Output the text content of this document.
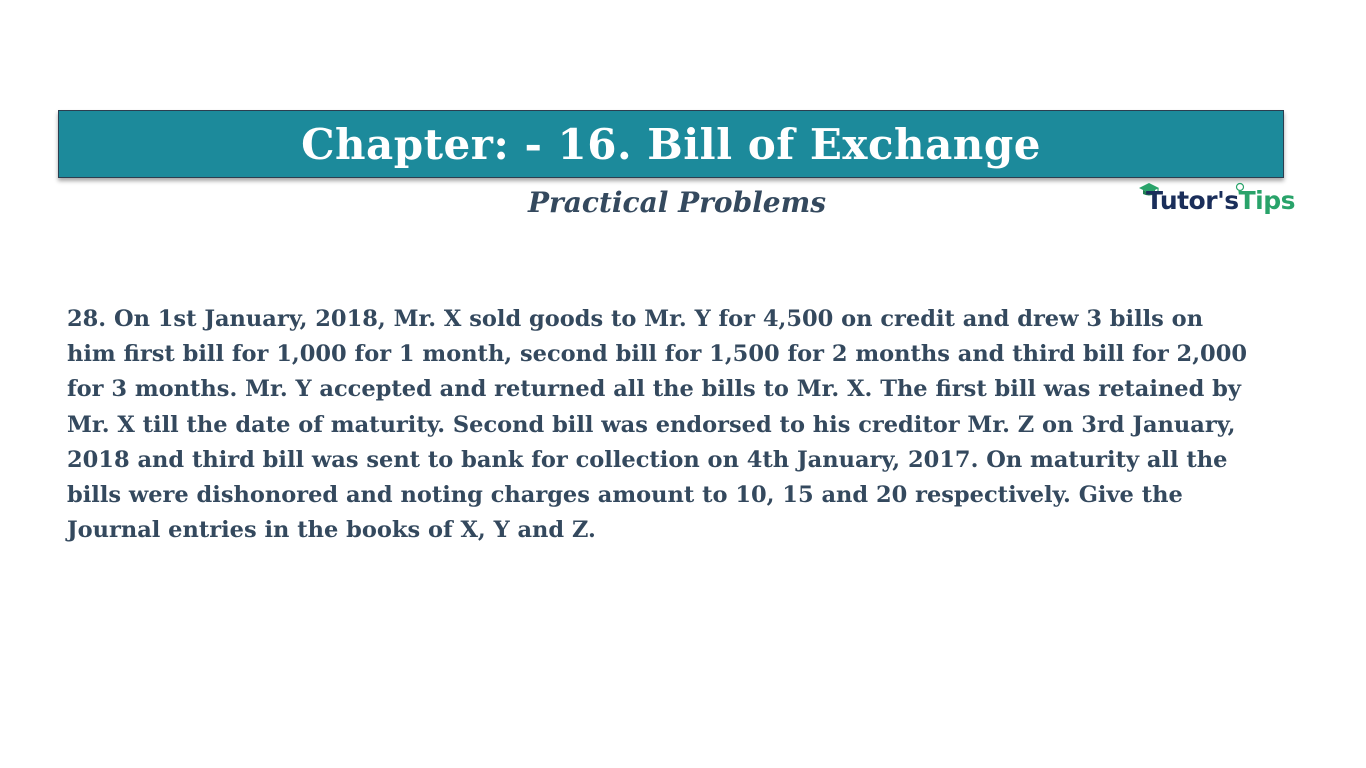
Chapter: - 16. Bill of Exchange
Practical Problems	Tutor'sTips

28. On 1st January, 2018, Mr. X sold goods to Mr. Y for 4,500 on credit and drew 3 bills on
him first bill for 1,000 for 1 month, second bill for 1,500 for 2 months and third bill for 2,000
for 3 months. Mr. Y accepted and returned all the bills to Mr. X. The first bill was retained by
Mr. X till the date of maturity. Second bill was endorsed to his creditor Mr. Z on 3rd January,
2018 and third bill was sent to bank for collection on 4th January, 2017. On maturity all the
bills were dishonored and noting charges amount to 10, 15 and 20 respectively. Give the
Journal entries in the books of X, Y and Z.
